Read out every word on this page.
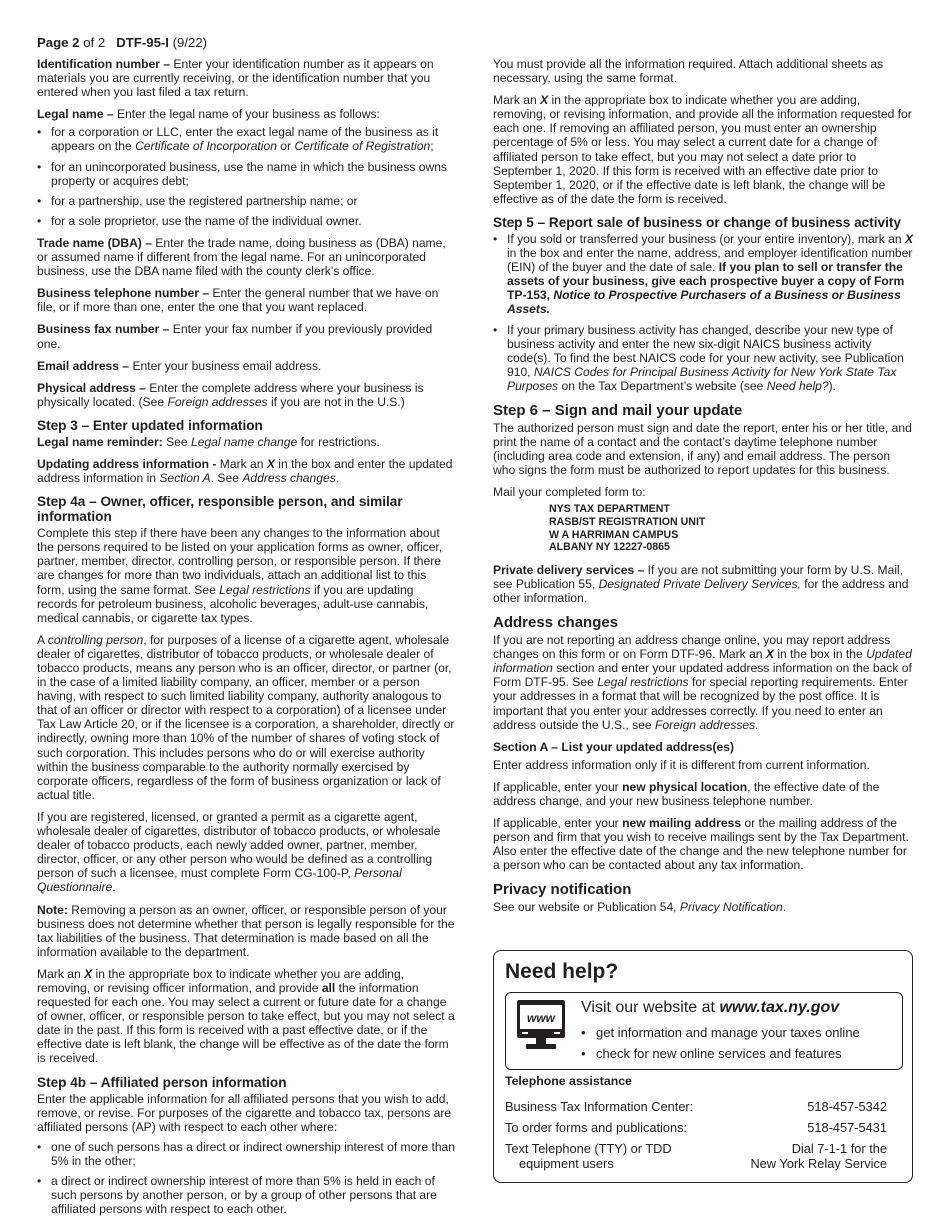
Page 2 of 2 DTF-95-I (9/22)

Identification number – Enter your identification number as it appears on materials you are currently receiving, or the identification number that you entered when you last filed a tax return.

Legal name – Enter the legal name of your business as follows:

• for a corporation or LLC, enter the exact legal name of the business as it appears on the Certificate of Incorporation or Certificate of Registration;
• for an unincorporated business, use the name in which the business owns property or acquires debt;
• for a partnership, use the registered partnership name; or
• for a sole proprietor, use the name of the individual owner.

Trade name (DBA) – Enter the trade name, doing business as (DBA) name, or assumed name if different from the legal name. For an unincorporated business, use the DBA name filed with the county clerk’s office.

Business telephone number – Enter the general number that we have on file, or if more than one, enter the one that you want replaced.

Business fax number – Enter your fax number if you previously provided one.

Email address – Enter your business email address.

Physical address – Enter the complete address where your business is physically located. (See Foreign addresses if you are not in the U.S.)

Step 3 – Enter updated information

Legal name reminder: See Legal name change for restrictions.

Updating address information - Mark an X in the box and enter the updated address information in Section A. See Address changes.

Step 4a – Owner, officer, responsible person, and similar information

Complete this step if there have been any changes to the information about the persons required to be listed on your application forms as owner, officer, partner, member, director, controlling person, or responsible person. If there are changes for more than two individuals, attach an additional list to this form, using the same format. See Legal restrictions if you are updating records for petroleum business, alcoholic beverages, adult-use cannabis, medical cannabis, or cigarette tax types.

A controlling person, for purposes of a license of a cigarette agent, wholesale dealer of cigarettes, distributor of tobacco products, or wholesale dealer of tobacco products, means any person who is an officer, director, or partner (or, in the case of a limited liability company, an officer, member or a person having, with respect to such limited liability company, authority analogous to that of an officer or director with respect to a corporation) of a licensee under Tax Law Article 20, or if the licensee is a corporation, a shareholder, directly or indirectly, owning more than 10% of the number of shares of voting stock of such corporation. This includes persons who do or will exercise authority within the business comparable to the authority normally exercised by corporate officers, regardless of the form of business organization or lack of actual title.

If you are registered, licensed, or granted a permit as a cigarette agent, wholesale dealer of cigarettes, distributor of tobacco products, or wholesale dealer of tobacco products, each newly added owner, partner, member, director, officer, or any other person who would be defined as a controlling person of such a licensee, must complete Form CG-100-P, Personal Questionnaire.

Note: Removing a person as an owner, officer, or responsible person of your business does not determine whether that person is legally responsible for the tax liabilities of the business. That determination is made based on all the information available to the department.

Mark an X in the appropriate box to indicate whether you are adding, removing, or revising officer information, and provide all the information requested for each one. You may select a current or future date for a change of owner, officer, or responsible person to take effect, but you may not select a date in the past. If this form is received with a past effective date, or if the effective date is left blank, the change will be effective as of the date the form is received.

Step 4b – Affiliated person information

Enter the applicable information for all affiliated persons that you wish to add, remove, or revise. For purposes of the cigarette and tobacco tax, persons are affiliated persons (AP) with respect to each other where:

• one of such persons has a direct or indirect ownership interest of more than 5% in the other;
• a direct or indirect ownership interest of more than 5% is held in each of such persons by another person, or by a group of other persons that are affiliated persons with respect to each other.

You must provide all the information required. Attach additional sheets as necessary, using the same format.

Mark an X in the appropriate box to indicate whether you are adding, removing, or revising information, and provide all the information requested for each one. If removing an affiliated person, you must enter an ownership percentage of 5% or less. You may select a current date for a change of affiliated person to take effect, but you may not select a date prior to September 1, 2020. If this form is received with an effective date prior to September 1, 2020, or if the effective date is left blank, the change will be effective as of the date the form is received.

Step 5 – Report sale of business or change of business activity
• If you sold or transferred your business (or your entire inventory), mark an X in the box and enter the name, address, and employer identification number (EIN) of the buyer and the date of sale. If you plan to sell or transfer the assets of your business, give each prospective buyer a copy of Form TP-153, Notice to Prospective Purchasers of a Business or Business Assets.
• If your primary business activity has changed, describe your new type of business activity and enter the new six-digit NAICS business activity code(s). To find the best NAICS code for your new activity, see Publication 910, NAICS Codes for Principal Business Activity for New York State Tax Purposes on the Tax Department’s website (see Need help?).
Step 6 – Sign and mail your update

The authorized person must sign and date the report, enter his or her title, and print the name of a contact and the contact’s daytime telephone number (including area code and extension, if any) and email address. The person who signs the form must be authorized to report updates for this business.

Mail your completed form to:

NYS TAX DEPARTMENT
RASB/ST REGISTRATION UNIT
W A HARRIMAN CAMPUS
ALBANY NY 12227-0865

Private delivery services – If you are not submitting your form by U.S. Mail, see Publication 55, Designated Private Delivery Services, for the address and other information.

Address changes

If you are not reporting an address change online, you may report address changes on this form or on Form DTF-96. Mark an X in the box in the Updated information section and enter your updated address information on the back of Form DTF-95. See Legal restrictions for special reporting requirements. Enter your addresses in a format that will be recognized by the post office. It is important that you enter your addresses correctly. If you need to enter an address outside the U.S., see Foreign addresses.

Section A – List your updated address(es)

Enter address information only if it is different from current information.

If applicable, enter your new physical location, the effective date of the address change, and your new business telephone number.

If applicable, enter your new mailing address or the mailing address of the person and firm that you wish to receive mailings sent by the Tax Department. Also enter the effective date of the change and the new telephone number for a person who can be contacted about any tax information.

Privacy notification

See our website or Publication 54, Privacy Notification.

Need help?
www
Visit our website at www.tax.ny.gov
• get information and manage your taxes online
• check for new online services and features
Telephone assistance
Business Tax Information Center:	518-457-5342
To order forms and publications:	518-457-5431
Text Telephone (TTY) or TDD
equipment users
Dial 7-1-1 for the
New York Relay Service
